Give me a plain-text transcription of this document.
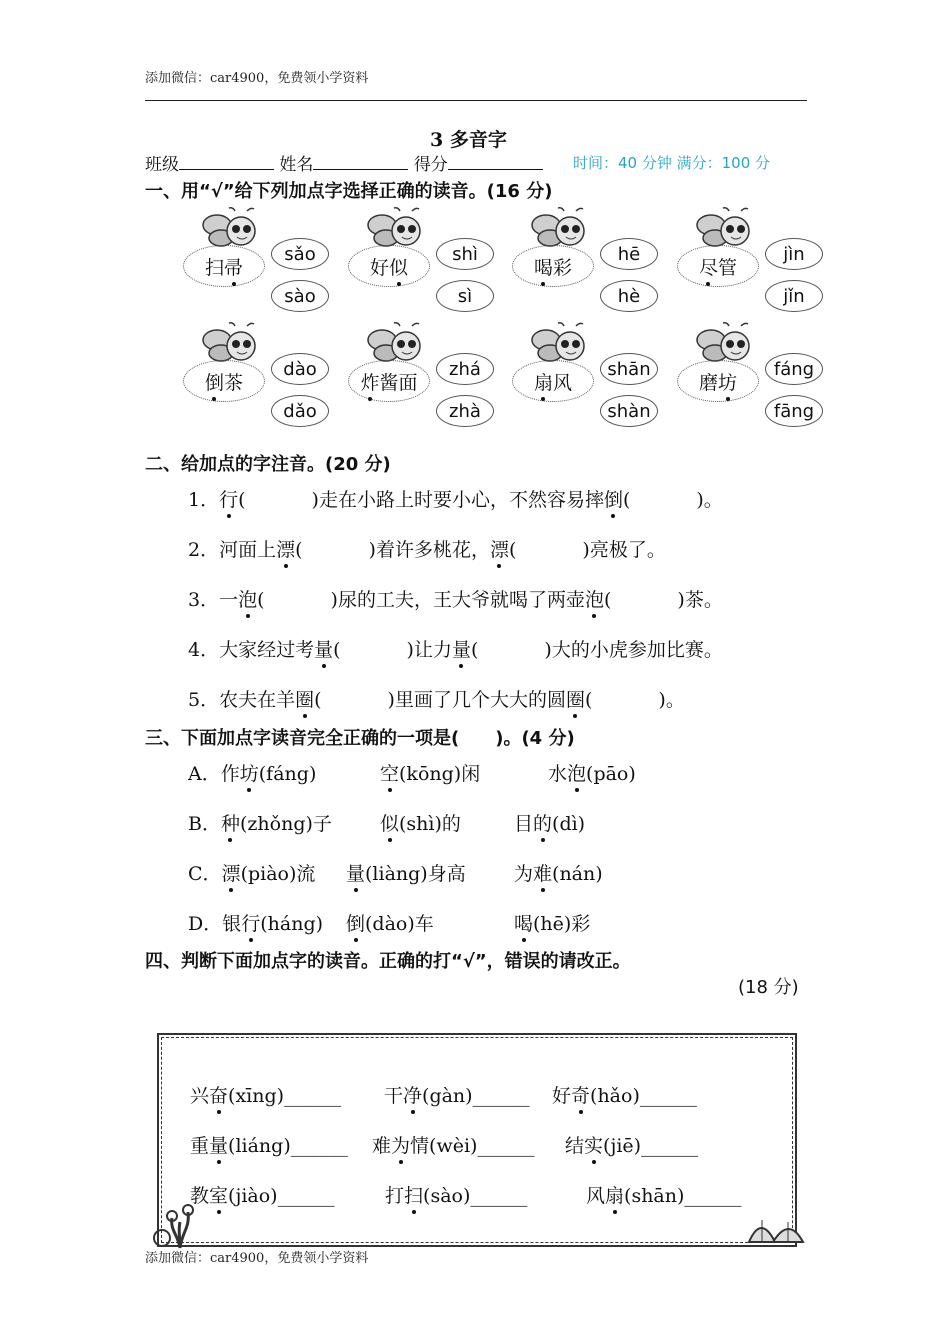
添加微信：car4900，免费领小学资料
3 多音字
班级	姓名	得分	时间：40 分钟 满分：100 分
一、用“√”给下列加点字选择正确的读音。(16 分)
扫 帚
sǎo
sào
好 似
shì
sì
喝 彩
hē
hè
尽 管
jìn
jǐn
倒 茶
dào
dǎo
炸 酱面
zhá
zhà
扇 风
shān
shàn
磨 坊
fáng
fāng
二、给加点的字注音。(20 分)
1．行(	)走在小路上时要小心，不然容易摔倒(	)。
2．河面上漂(	)着许多桃花，漂(	)亮极了。
3．一泡(	)尿的工夫，王大爷就喝了两壶泡(	)茶。
4．大家经过考量(	)让力量(	)大的小虎参加比赛。
5．农夫在羊圈(	)里画了几个大大的圆圈(	)。
三、下面加点字读音完全正确的一项是(　　)。(4 分)
A．作坊(fáng)	空(kōng)闲	水泡(pāo)
B．种(zhǒng)子	似(shì)的	目的(dì)
C．漂(piào)流 量(liàng)身高	为难(nán)
D．银行(háng) 倒(dào)车	喝(hē)彩
四、判断下面加点字的读音。正确的打“√”，错误的请改正。
(18 分)
兴奋(xīng)______ 干净(gàn)______ 好奇(hǎo)______
重量(liáng)______ 难为情(wèi)______ 结实(jiē)______
教室(jiào)______	打扫(sào)______	风扇(shān)______
添加微信：car4900，免费领小学资料
